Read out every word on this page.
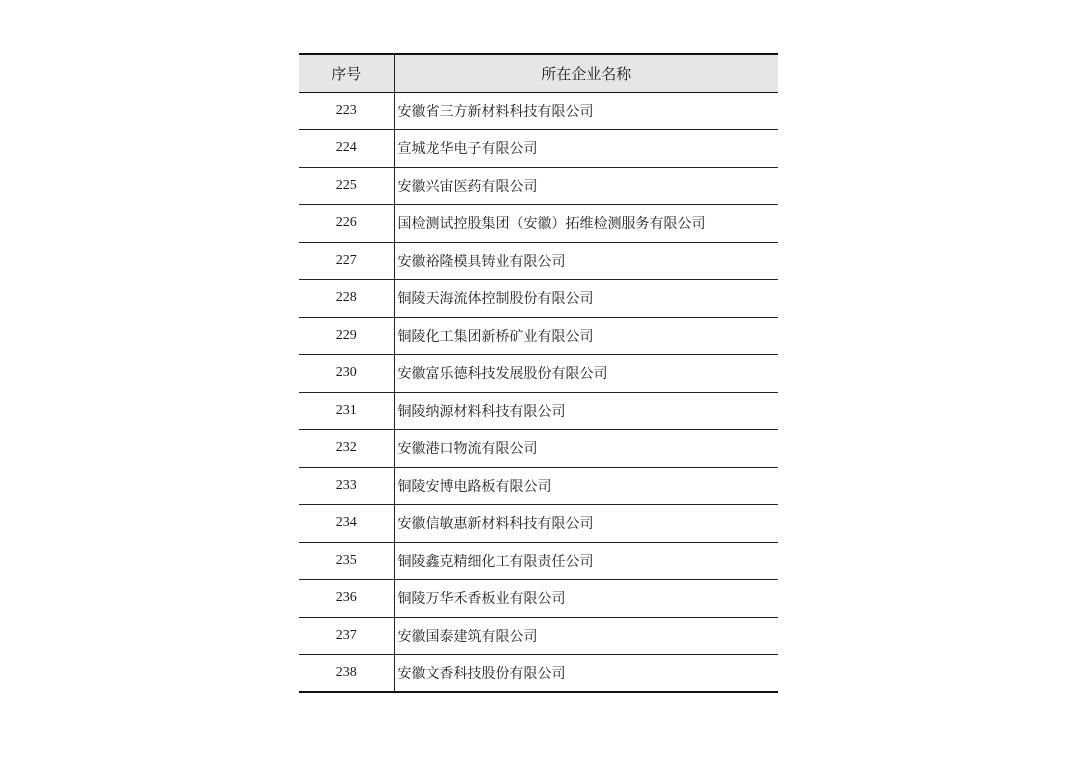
序号	所在企业名称
223	安徽省三方新材料科技有限公司
224	宣城龙华电子有限公司
225	安徽兴宙医药有限公司
226	国检测试控股集团（安徽）拓维检测服务有限公司
227	安徽裕隆模具铸业有限公司
228	铜陵天海流体控制股份有限公司
229	铜陵化工集团新桥矿业有限公司
230	安徽富乐德科技发展股份有限公司
231	铜陵纳源材料科技有限公司
232	安徽港口物流有限公司
233	铜陵安博电路板有限公司
234	安徽信敏惠新材料科技有限公司
235	铜陵鑫克精细化工有限责任公司
236	铜陵万华禾香板业有限公司
237	安徽国泰建筑有限公司
238	安徽文香科技股份有限公司
